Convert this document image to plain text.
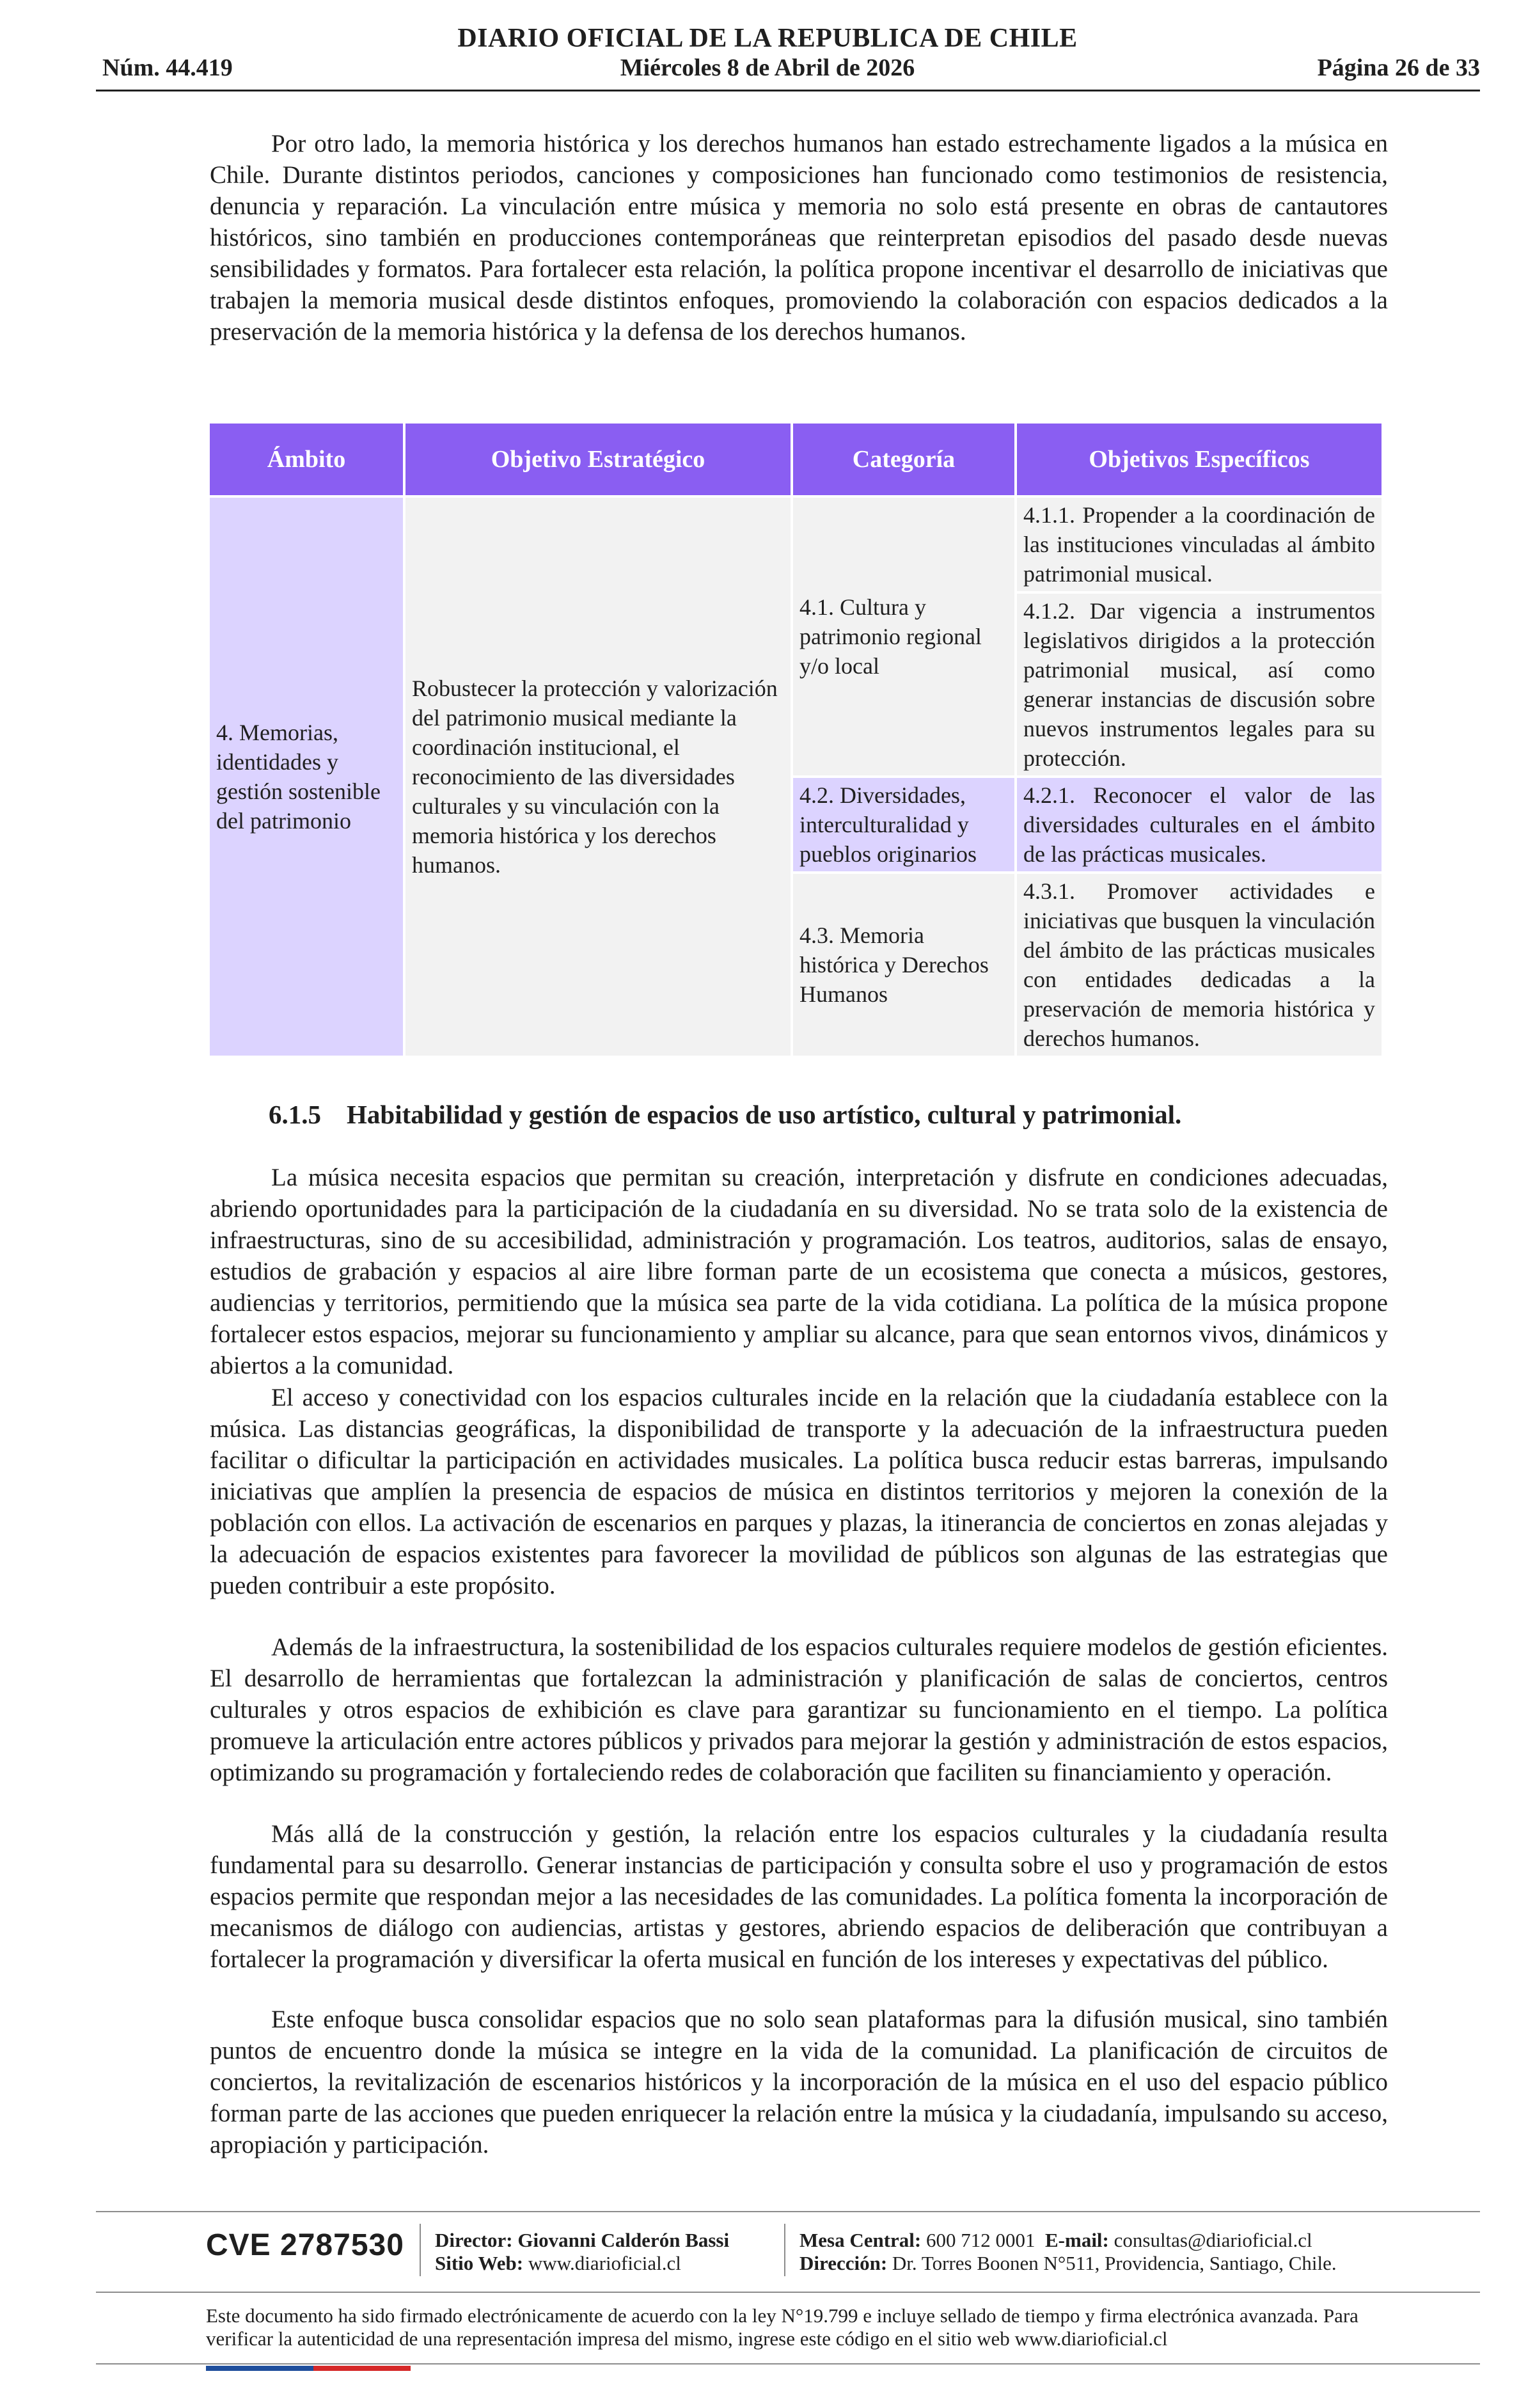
DIARIO OFICIAL DE LA REPUBLICA DE CHILE
Núm. 44.419	Miércoles 8 de Abril de 2026	Página 26 de 33

Por otro lado, la memoria histórica y los derechos humanos han estado estrechamente ligados a la música en Chile. Durante distintos periodos, canciones y composiciones han funcionado como testimonios de resistencia, denuncia y reparación. La vinculación entre música y memoria no solo está presente en obras de cantautores históricos, sino también en producciones contemporáneas que reinterpretan episodios del pasado desde nuevas sensibilidades y formatos. Para fortalecer esta relación, la política propone incentivar el desarrollo de iniciativas que trabajen la memoria musical desde distintos enfoques, promoviendo la colaboración con espacios dedicados a la preservación de la memoria histórica y la defensa de los derechos humanos.

Ámbito	Objetivo Estratégico	Categoría	Objetivos Específicos
4. Memorias, identidades y gestión sostenible del patrimonio	Robustecer la protección y valorización del patrimonio musical mediante la coordinación institucional, el reconocimiento de las diversidades culturales y su vinculación con la memoria histórica y los derechos humanos.	4.1. Cultura y patrimonio regional y/o local	4.1.1. Propender a la coordinación de las instituciones vinculadas al ámbito patrimonial musical.
			4.1.2. Dar vigencia a instrumentos legislativos dirigidos a la protección patrimonial musical, así como generar instancias de discusión sobre nuevos instrumentos legales para su protección.
		4.2. Diversidades, interculturalidad y pueblos originarios	4.2.1. Reconocer el valor de las diversidades culturales en el ámbito de las prácticas musicales.
		4.3. Memoria histórica y Derechos Humanos	4.3.1. Promover actividades e iniciativas que busquen la vinculación del ámbito de las prácticas musicales con entidades dedicadas a la preservación de memoria histórica y derechos humanos.
6.1.5 Habitabilidad y gestión de espacios de uso artístico, cultural y patrimonial.

La música necesita espacios que permitan su creación, interpretación y disfrute en condiciones adecuadas, abriendo oportunidades para la participación de la ciudadanía en su diversidad. No se trata solo de la existencia de infraestructuras, sino de su accesibilidad, administración y programación. Los teatros, auditorios, salas de ensayo, estudios de grabación y espacios al aire libre forman parte de un ecosistema que conecta a músicos, gestores, audiencias y territorios, permitiendo que la música sea parte de la vida cotidiana. La política de la música propone fortalecer estos espacios, mejorar su funcionamiento y ampliar su alcance, para que sean entornos vivos, dinámicos y abiertos a la comunidad.

El acceso y conectividad con los espacios culturales incide en la relación que la ciudadanía establece con la música. Las distancias geográficas, la disponibilidad de transporte y la adecuación de la infraestructura pueden facilitar o dificultar la participación en actividades musicales. La política busca reducir estas barreras, impulsando iniciativas que amplíen la presencia de espacios de música en distintos territorios y mejoren la conexión de la población con ellos. La activación de escenarios en parques y plazas, la itinerancia de conciertos en zonas alejadas y la adecuación de espacios existentes para favorecer la movilidad de públicos son algunas de las estrategias que pueden contribuir a este propósito.

Además de la infraestructura, la sostenibilidad de los espacios culturales requiere modelos de gestión eficientes. El desarrollo de herramientas que fortalezcan la administración y planificación de salas de conciertos, centros culturales y otros espacios de exhibición es clave para garantizar su funcionamiento en el tiempo. La política promueve la articulación entre actores públicos y privados para mejorar la gestión y administración de estos espacios, optimizando su programación y fortaleciendo redes de colaboración que faciliten su financiamiento y operación.

Más allá de la construcción y gestión, la relación entre los espacios culturales y la ciudadanía resulta fundamental para su desarrollo. Generar instancias de participación y consulta sobre el uso y programación de estos espacios permite que respondan mejor a las necesidades de las comunidades. La política fomenta la incorporación de mecanismos de diálogo con audiencias, artistas y gestores, abriendo espacios de deliberación que contribuyan a fortalecer la programación y diversificar la oferta musical en función de los intereses y expectativas del público.

Este enfoque busca consolidar espacios que no solo sean plataformas para la difusión musical, sino también puntos de encuentro donde la música se integre en la vida de la comunidad. La planificación de circuitos de conciertos, la revitalización de escenarios históricos y la incorporación de la música en el uso del espacio público forman parte de las acciones que pueden enriquecer la relación entre la música y la ciudadanía, impulsando su acceso, apropiación y participación.

CVE 2787530 Director: Giovanni Calderón Bassi
Sitio Web: www.diarioficial.cl
Mesa Central: 600 712 0001 E-mail: consultas@diarioficial.cl
Dirección: Dr. Torres Boonen N°511, Providencia, Santiago, Chile.
Este documento ha sido firmado electrónicamente de acuerdo con la ley N°19.799 e incluye sellado de tiempo y firma electrónica avanzada. Para verificar la autenticidad de una representación impresa del mismo, ingrese este código en el sitio web www.diarioficial.cl
